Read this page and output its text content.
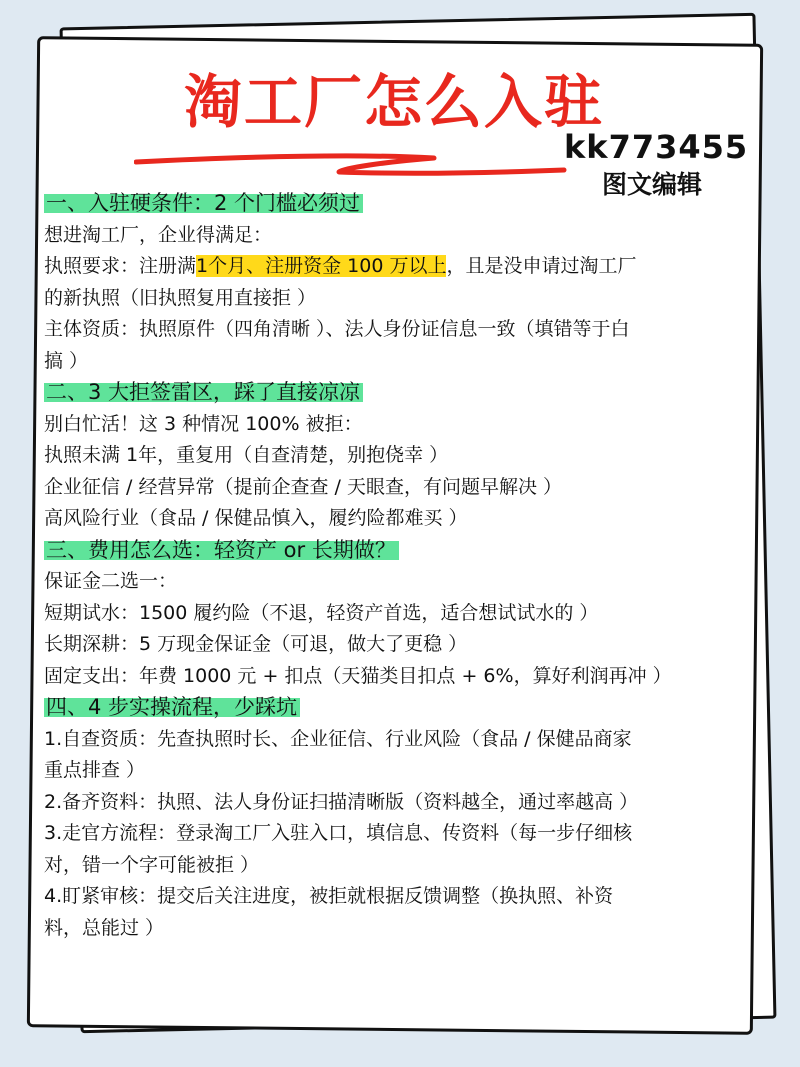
淘工厂怎么入驻
kk773455
图文编辑
一、入驻硬条件：2 个门槛必须过
想进淘工厂，企业得满足：
执照要求：注册满1个月、注册资金 100 万以上，且是没申请过淘工厂
的新执照（旧执照复用直接拒 ）
主体资质：执照原件（四角清晰 ）、法人身份证信息一致（填错等于白
搞 ）
二、3 大拒签雷区，踩了直接凉凉
别白忙活！这 3 种情况 100% 被拒：
执照未满 1年，重复用（自查清楚，别抱侥幸 ）
企业征信 / 经营异常（提前企查查 / 天眼查，有问题早解决 ）
高风险行业（食品 / 保健品慎入，履约险都难买 ）
三、费用怎么选：轻资产 or 长期做？
保证金二选一：
短期试水：1500 履约险（不退，轻资产首选，适合想试试水的 ）
长期深耕：5 万现金保证金（可退，做大了更稳 ）
固定支出：年费 1000 元 + 扣点（天猫类目扣点 + 6%，算好利润再冲 ）
四、4 步实操流程，少踩坑
1.自查资质：先查执照时长、企业征信、行业风险（食品 / 保健品商家
重点排查 ）
2.备齐资料：执照、法人身份证扫描清晰版（资料越全，通过率越高 ）
3.走官方流程：登录淘工厂入驻入口，填信息、传资料（每一步仔细核
对，错一个字可能被拒 ）
4.盯紧审核：提交后关注进度，被拒就根据反馈调整（换执照、补资
料，总能过 ）
